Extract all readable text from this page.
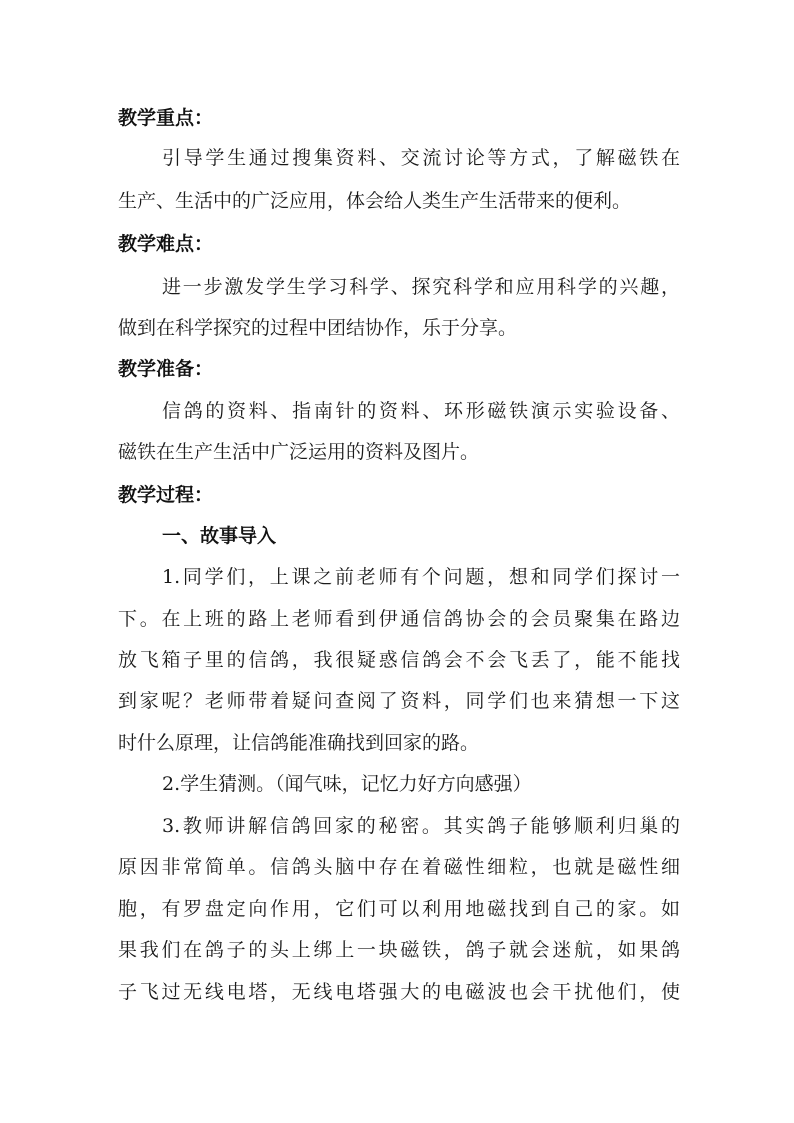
教学重点：
引导学生通过搜集资料、交流讨论等方式，了解磁铁在
生产、生活中的广泛应用，体会给人类生产生活带来的便利。
教学难点：
进一步激发学生学习科学、探究科学和应用科学的兴趣，
做到在科学探究的过程中团结协作，乐于分享。
教学准备：
信鸽的资料、指南针的资料、环形磁铁演示实验设备、
磁铁在生产生活中广泛运用的资料及图片。
教学过程：
一、故事导入
1.同学们，上课之前老师有个问题，想和同学们探讨一
下。在上班的路上老师看到伊通信鸽协会的会员聚集在路边
放飞箱子里的信鸽，我很疑惑信鸽会不会飞丢了，能不能找
到家呢？老师带着疑问查阅了资料，同学们也来猜想一下这
时什么原理，让信鸽能准确找到回家的路。
2.学生猜测。（闻气味，记忆力好方向感强）
3.教师讲解信鸽回家的秘密。其实鸽子能够顺利归巢的
原因非常简单。信鸽头脑中存在着磁性细粒，也就是磁性细
胞，有罗盘定向作用，它们可以利用地磁找到自己的家。如
果我们在鸽子的头上绑上一块磁铁，鸽子就会迷航，如果鸽
子飞过无线电塔，无线电塔强大的电磁波也会干扰他们，使
